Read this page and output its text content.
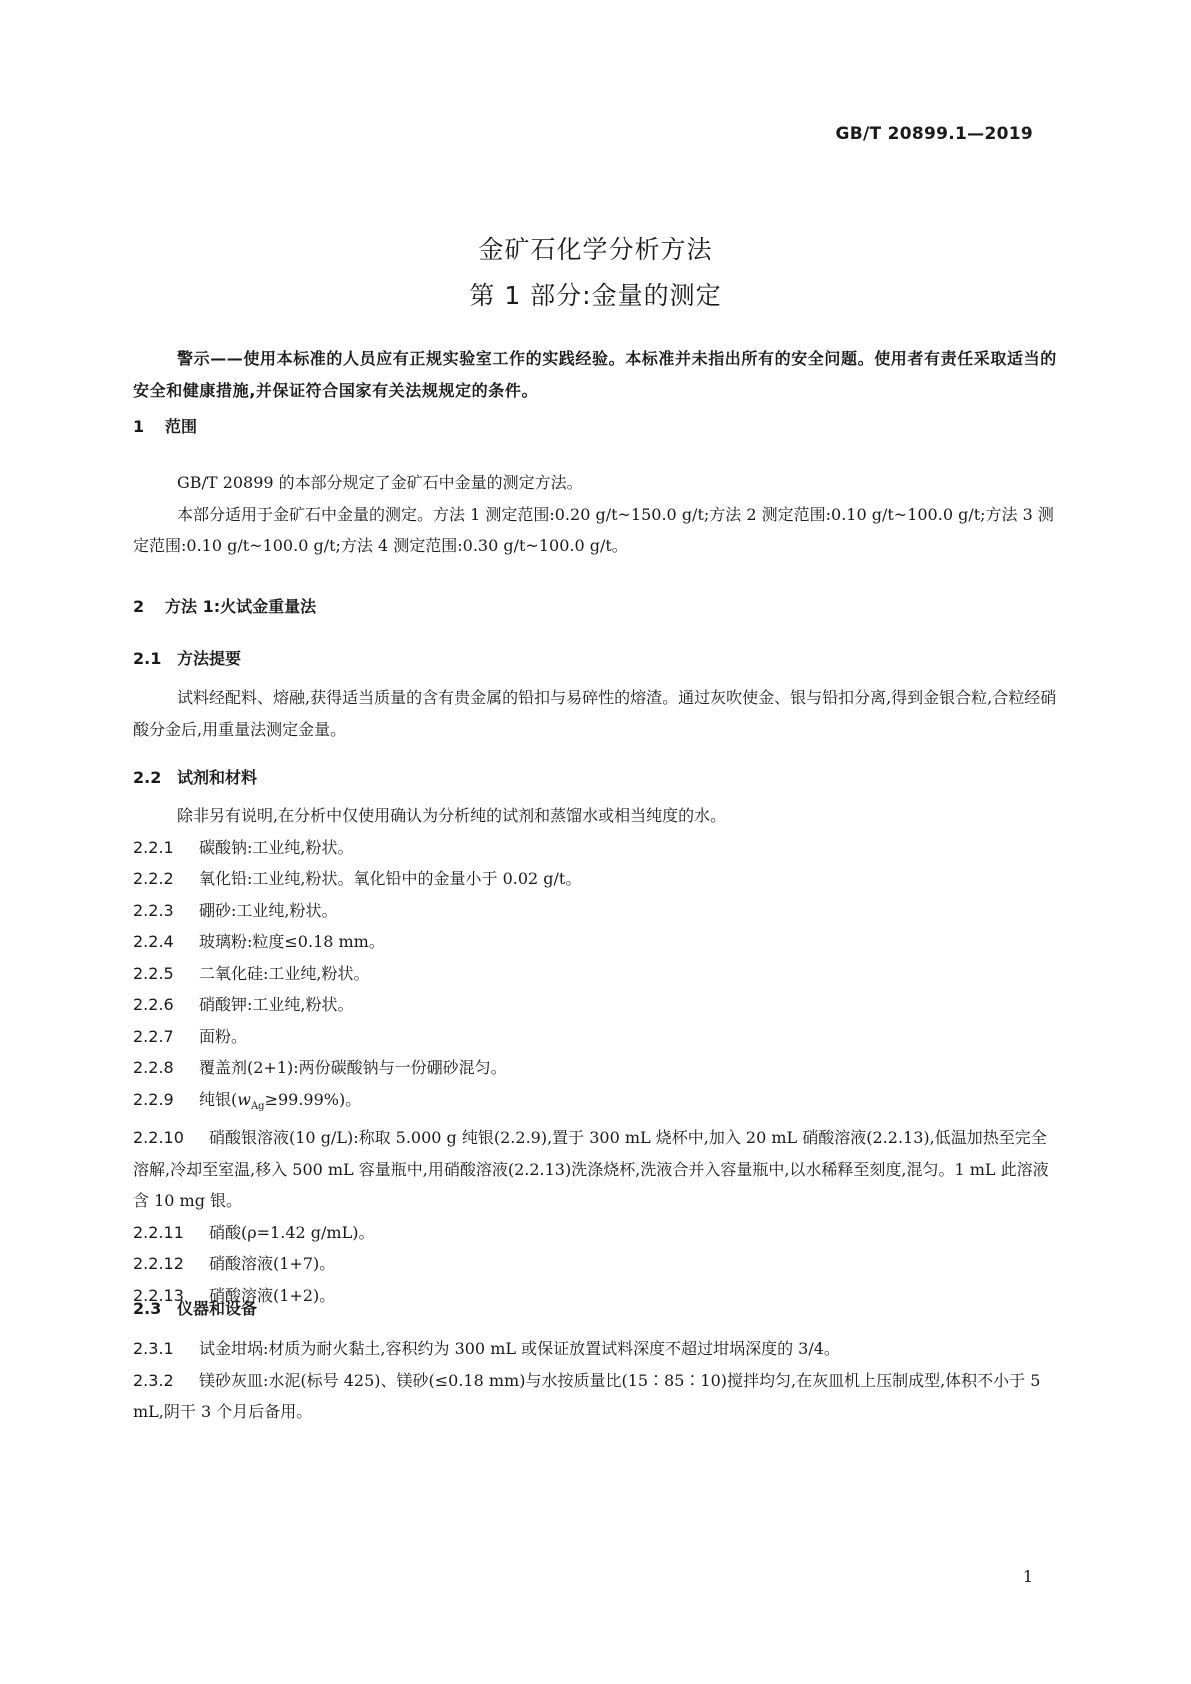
GB/T 20899.1—2019
金矿石化学分析方法
第 1 部分:金量的测定
警示——使用本标准的人员应有正规实验室工作的实践经验。本标准并未指出所有的安全问题。使用者有责任采取适当的安全和健康措施,并保证符合国家有关法规规定的条件。
1 范围

GB/T 20899 的本部分规定了金矿石中金量的测定方法。

本部分适用于金矿石中金量的测定。方法 1 测定范围:0.20 g/t~150.0 g/t;方法 2 测定范围:0.10 g/t~100.0 g/t;方法 3 测定范围:0.10 g/t~100.0 g/t;方法 4 测定范围:0.30 g/t~100.0 g/t。

2 方法 1:火试金重量法
2.1 方法提要

试料经配料、熔融,获得适当质量的含有贵金属的铅扣与易碎性的熔渣。通过灰吹使金、银与铅扣分离,得到金银合粒,合粒经硝酸分金后,用重量法测定金量。

2.2 试剂和材料

除非另有说明,在分析中仅使用确认为分析纯的试剂和蒸馏水或相当纯度的水。

2.2.1 碳酸钠:工业纯,粉状。

2.2.2 氧化铅:工业纯,粉状。氧化铅中的金量小于 0.02 g/t。

2.2.3 硼砂:工业纯,粉状。

2.2.4 玻璃粉:粒度≤0.18 mm。

2.2.5 二氧化硅:工业纯,粉状。

2.2.6 硝酸钾:工业纯,粉状。

2.2.7 面粉。

2.2.8 覆盖剂(2+1):两份碳酸钠与一份硼砂混匀。

2.2.9 纯银$(w_{Ag}\ge 99.99\%)$。

2.2.10 硝酸银溶液(10 g/L):称取 5.000 g 纯银(2.2.9),置于 300 mL 烧杯中,加入 20 mL 硝酸溶液(2.2.13),低温加热至完全溶解,冷却至室温,移入 500 mL 容量瓶中,用硝酸溶液(2.2.13)洗涤烧杯,洗液合并入容量瓶中,以水稀释至刻度,混匀。1 mL 此溶液含 10 mg 银。

2.2.11 硝酸(ρ=1.42 g/mL)。

2.2.12 硝酸溶液(1+7)。

2.2.13 硝酸溶液(1+2)。

2.3 仪器和设备

2.3.1 试金坩埚:材质为耐火黏土,容积约为 300 mL 或保证放置试料深度不超过坩埚深度的 3/4。

2.3.2 镁砂灰皿:水泥(标号 425)、镁砂(≤0.18 mm)与水按质量比(15∶85∶10)搅拌均匀,在灰皿机上压制成型,体积不小于 5 mL,阴干 3 个月后备用。

1
